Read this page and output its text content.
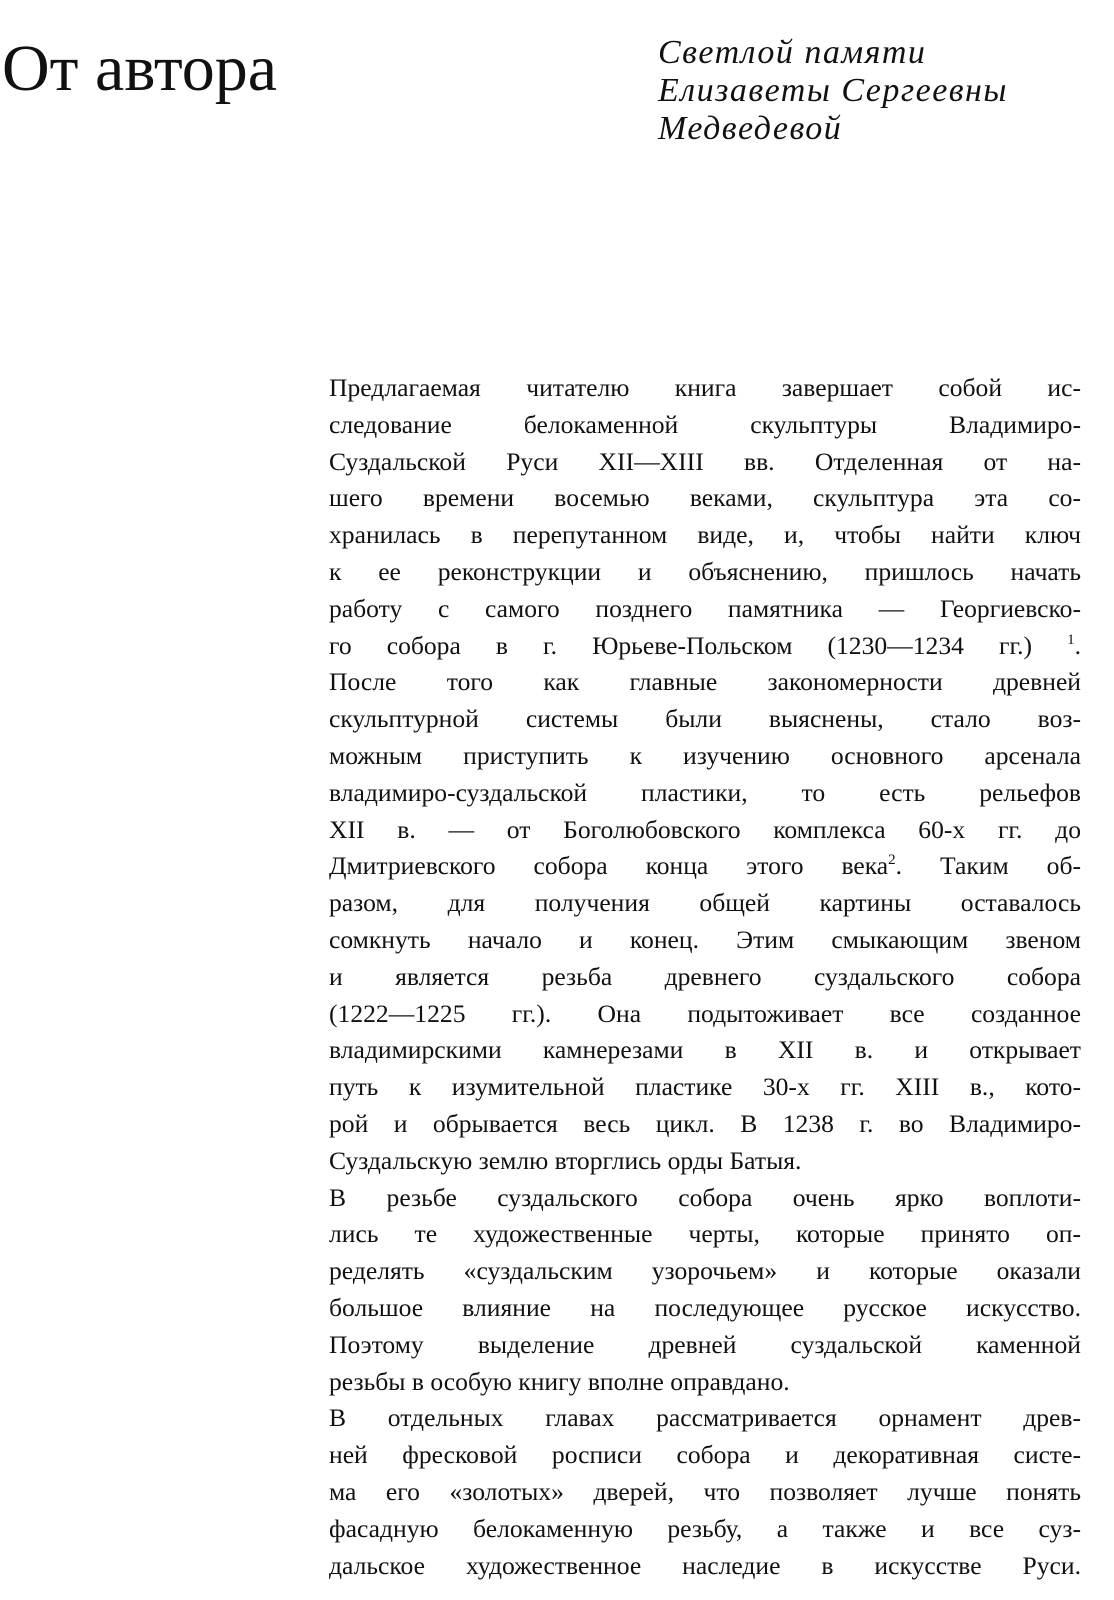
От автора	Светлой памяти
Елизаветы Сергеевны
Медведевой

Предлагаемая читателю книга завершает собой ис-
следование белокаменной скульптуры Владимиро-
Суздальской Руси XII—XIII вв. Отделенная от на-
шего времени восемью веками, скульптура эта со-
хранилась в перепутанном виде, и, чтобы найти ключ
к ее реконструкции и объяснению, пришлось начать
работу с самого позднего памятника — Георгиевско-
го собора в г. Юрьеве-Польском (1230—1234 гг.) $^1$.
После того как главные закономерности древней
скульптурной системы были выяснены, стало воз-
можным приступить к изучению основного арсенала
владимиро-суздальской пластики, то есть рельефов
XII в. — от Боголюбовского комплекса 60-х гг. до
Дмитриевского собора конца этого века$^2$. Таким об-
разом, для получения общей картины оставалось
сомкнуть начало и конец. Этим смыкающим звеном
и является резьба древнего суздальского собора
(1222—1225 гг.). Она подытоживает все созданное
владимирскими камнерезами в XII в. и открывает
путь к изумительной пластике 30-х гг. XIII в., кото-
рой и обрывается весь цикл. В 1238 г. во Владимиро-
Суздальскую землю вторглись орды Батыя.

В резьбе суздальского собора очень ярко воплоти-
лись те художественные черты, которые принято оп-
ределять «суздальским узорочьем» и которые оказали
большое влияние на последующее русское искусство.
Поэтому выделение древней суздальской каменной
резьбы в особую книгу вполне оправдано.

В отдельных главах рассматривается орнамент древ-
ней фресковой росписи собора и декоративная систе-
ма его «золотых» дверей, что позволяет лучше понять
фасадную белокаменную резьбу, а также и все суз-
дальское художественное наследие в искусстве Руси.
